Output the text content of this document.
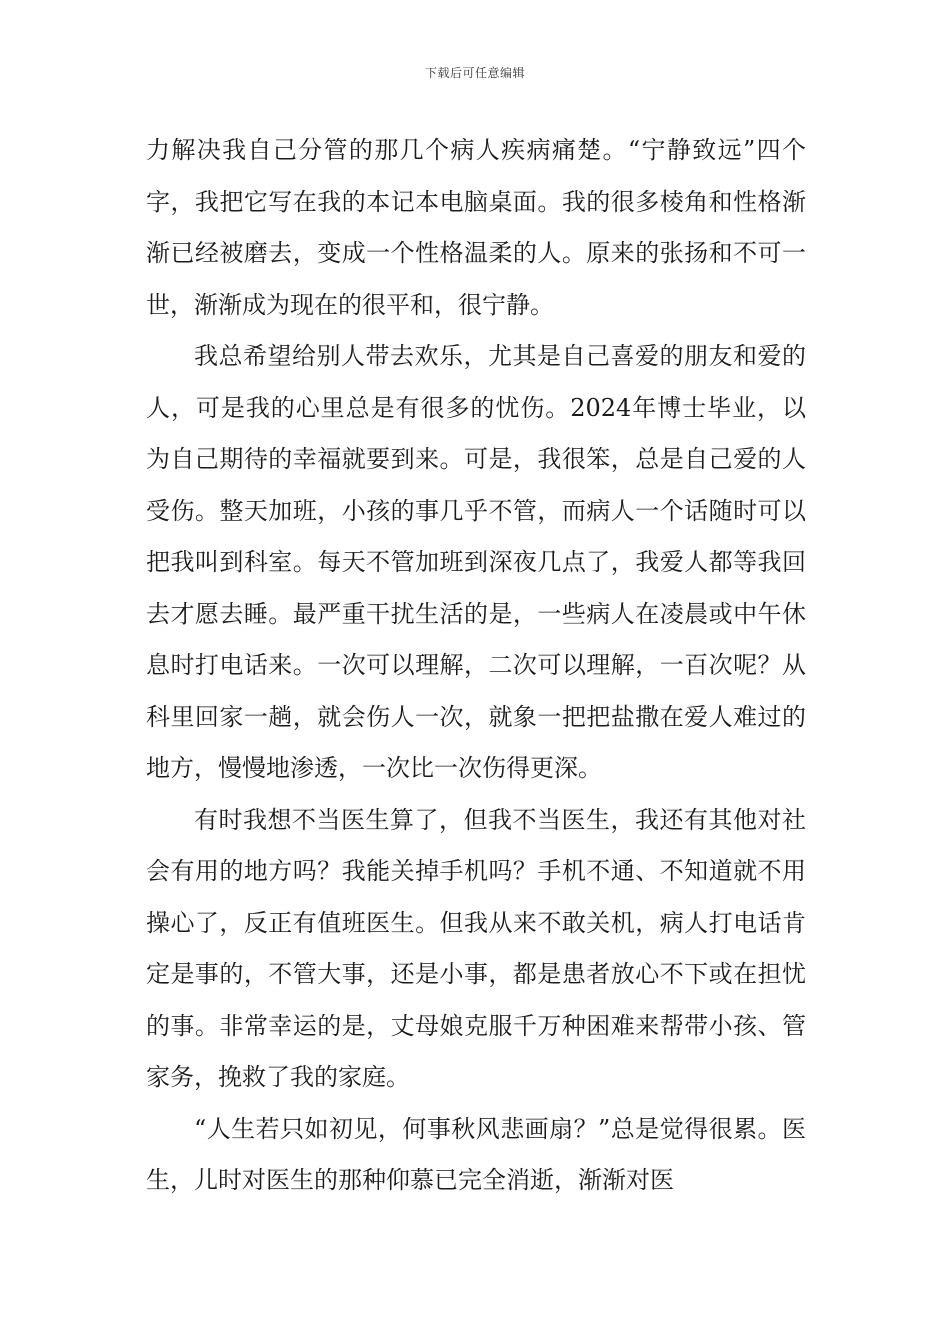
下载后可任意编辑

力解决我自己分管的那几个病人疾病痛楚。“宁静致远”四个字，我把它写在我的本记本电脑桌面。我的很多棱角和性格渐渐已经被磨去，变成一个性格温柔的人。原来的张扬和不可一世，渐渐成为现在的很平和，很宁静。

我总希望给别人带去欢乐，尤其是自己喜爱的朋友和爱的人，可是我的心里总是有很多的忧伤。2024年博士毕业，以为自己期待的幸福就要到来。可是，我很笨，总是自己爱的人受伤。整天加班，小孩的事几乎不管，而病人一个话随时可以把我叫到科室。每天不管加班到深夜几点了，我爱人都等我回去才愿去睡。最严重干扰生活的是，一些病人在凌晨或中午休息时打电话来。一次可以理解，二次可以理解，一百次呢？从科里回家一趟，就会伤人一次，就象一把把盐撒在爱人难过的地方，慢慢地渗透，一次比一次伤得更深。

有时我想不当医生算了，但我不当医生，我还有其他对社会有用的地方吗？我能关掉手机吗？手机不通、不知道就不用操心了，反正有值班医生。但我从来不敢关机，病人打电话肯定是事的，不管大事，还是小事，都是患者放心不下或在担忧的事。非常幸运的是，丈母娘克服千万种困难来帮带小孩、管家务，挽救了我的家庭。

“人生若只如初见，何事秋风悲画扇？”总是觉得很累。医生，儿时对医生的那种仰慕已完全消逝，渐渐对医
